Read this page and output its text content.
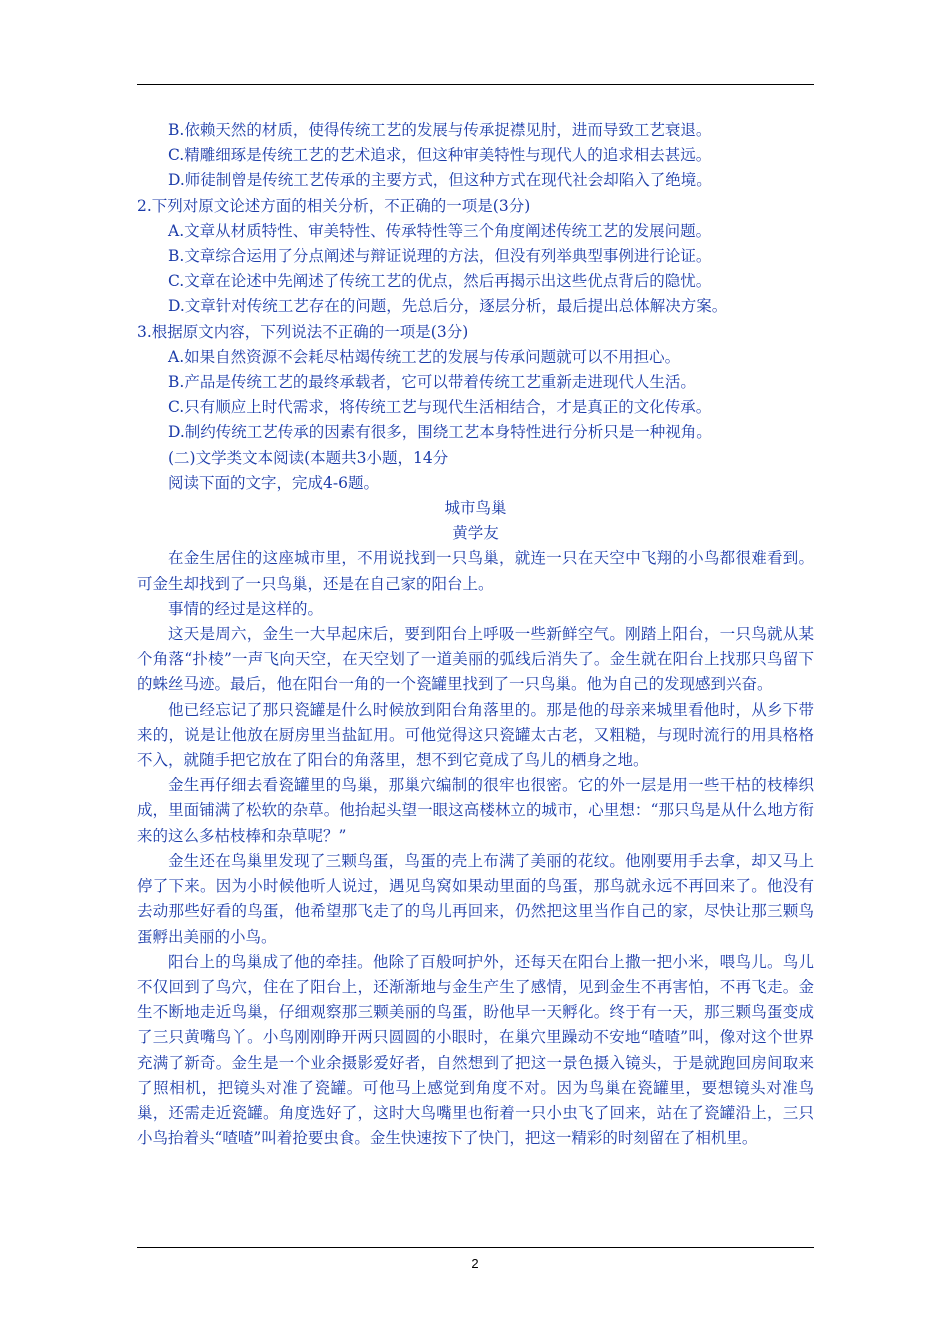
B.依赖天然的材质，使得传统工艺的发展与传承捉襟见肘，进而导致工艺衰退。
C.精雕细琢是传统工艺的艺术追求，但这种审美特性与现代人的追求相去甚远。
D.师徒制曾是传统工艺传承的主要方式，但这种方式在现代社会却陷入了绝境。
2.下列对原文论述方面的相关分析，不正确的一项是(3分)
A.文章从材质特性、审美特性、传承特性等三个角度阐述传统工艺的发展问题。
B.文章综合运用了分点阐述与辩证说理的方法，但没有列举典型事例进行论证。
C.文章在论述中先阐述了传统工艺的优点，然后再揭示出这些优点背后的隐忧。
D.文章针对传统工艺存在的问题，先总后分，逐层分析，最后提出总体解决方案。
3.根据原文内容，下列说法不正确的一项是(3分)
A.如果自然资源不会耗尽枯竭传统工艺的发展与传承问题就可以不用担心。
B.产品是传统工艺的最终承载者，它可以带着传统工艺重新走进现代人生活。
C.只有顺应上时代需求，将传统工艺与现代生活相结合，才是真正的文化传承。
D.制约传统工艺传承的因素有很多，围绕工艺本身特性进行分析只是一种视角。
(二)文学类文本阅读(本题共3小题，14分
阅读下面的文字，完成4-6题。
城市鸟巢
黄学友
在金生居住的这座城市里，不用说找到一只鸟巢，就连一只在天空中飞翔的小鸟都很难看到。可金生却找到了一只鸟巢，还是在自己家的阳台上。
事情的经过是这样的。
这天是周六，金生一大早起床后，要到阳台上呼吸一些新鲜空气。刚踏上阳台，一只鸟就从某个角落“扑棱”一声飞向天空，在天空划了一道美丽的弧线后消失了。金生就在阳台上找那只鸟留下的蛛丝马迹。最后，他在阳台一角的一个瓷罐里找到了一只鸟巢。他为自己的发现感到兴奋。
他已经忘记了那只瓷罐是什么时候放到阳台角落里的。那是他的母亲来城里看他时，从乡下带来的，说是让他放在厨房里当盐缸用。可他觉得这只瓷罐太古老，又粗糙，与现时流行的用具格格不入，就随手把它放在了阳台的角落里，想不到它竟成了鸟儿的栖身之地。
金生再仔细去看瓷罐里的鸟巢，那巢穴编制的很牢也很密。它的外一层是用一些干枯的枝棒织成，里面铺满了松软的杂草。他抬起头望一眼这高楼林立的城市，心里想：“那只鸟是从什么地方衔来的这么多枯枝棒和杂草呢？”
金生还在鸟巢里发现了三颗鸟蛋，鸟蛋的壳上布满了美丽的花纹。他刚要用手去拿，却又马上停了下来。因为小时候他听人说过，遇见鸟窝如果动里面的鸟蛋，那鸟就永远不再回来了。他没有去动那些好看的鸟蛋，他希望那飞走了的鸟儿再回来，仍然把这里当作自己的家，尽快让那三颗鸟蛋孵出美丽的小鸟。
阳台上的鸟巢成了他的牵挂。他除了百般呵护外，还每天在阳台上撒一把小米，喂鸟儿。鸟儿不仅回到了鸟穴，住在了阳台上，还渐渐地与金生产生了感情，见到金生不再害怕，不再飞走。金生不断地走近鸟巢，仔细观察那三颗美丽的鸟蛋，盼他早一天孵化。终于有一天，那三颗鸟蛋变成了三只黄嘴鸟丫。小鸟刚刚睁开两只圆圆的小眼时，在巢穴里躁动不安地“喳喳”叫，像对这个世界充满了新奇。金生是一个业余摄影爱好者，自然想到了把这一景色摄入镜头，于是就跑回房间取来了照相机，把镜头对准了瓷罐。可他马上感觉到角度不对。因为鸟巢在瓷罐里，要想镜头对准鸟巢，还需走近瓷罐。角度选好了，这时大鸟嘴里也衔着一只小虫飞了回来，站在了瓷罐沿上，三只小鸟抬着头“喳喳”叫着抢要虫食。金生快速按下了快门，把这一精彩的时刻留在了相机里。
2
